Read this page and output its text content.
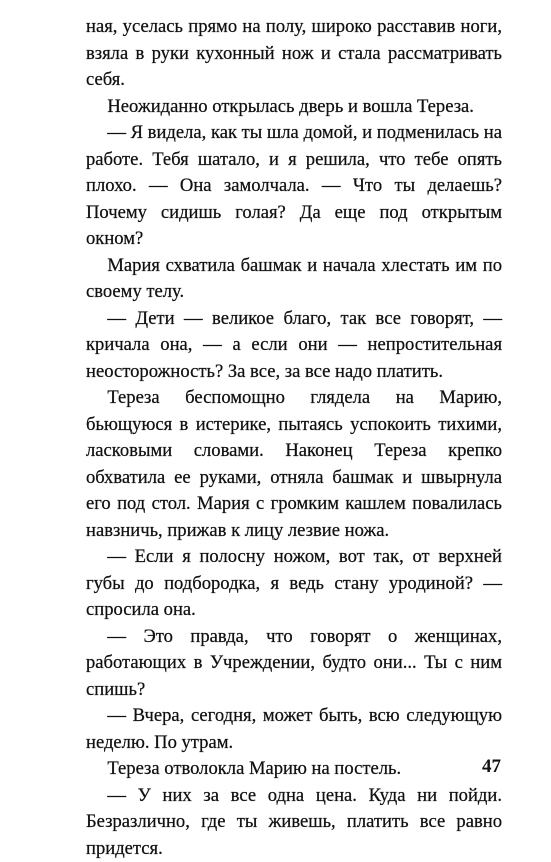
ная, уселась прямо на полу, широко расставив ноги, взяла в руки кухонный нож и стала рассматривать себя.

Неожиданно открылась дверь и вошла Тереза.

— Я видела, как ты шла домой, и подменилась на работе. Тебя шатало, и я решила, что тебе опять плохо. — Она замолчала. — Что ты делаешь? Почему сидишь голая? Да еще под открытым окном?

Мария схватила башмак и начала хлестать им по своему телу.

— Дети — великое благо, так все говорят, — кричала она, — а если они — непростительная неосторожность? За все, за все надо платить.

Тереза беспомощно глядела на Марию, бьющуюся в истерике, пытаясь успокоить тихими, ласковыми словами. Наконец Тереза крепко обхватила ее руками, отняла башмак и швырнула его под стол. Мария с громким кашлем повалилась навзничь, прижав к лицу лезвие ножа.

— Если я полосну ножом, вот так, от верхней губы до подбородка, я ведь стану уродиной? — спросила она.

— Это правда, что говорят о женщинах, работающих в Учреждении, будто они... Ты с ним спишь?

— Вчера, сегодня, может быть, всю следующую неделю. По утрам.

Тереза отволокла Марию на постель.

— У них за все одна цена. Куда ни пойди. Безразлично, где ты живешь, платить все равно придется.

47
